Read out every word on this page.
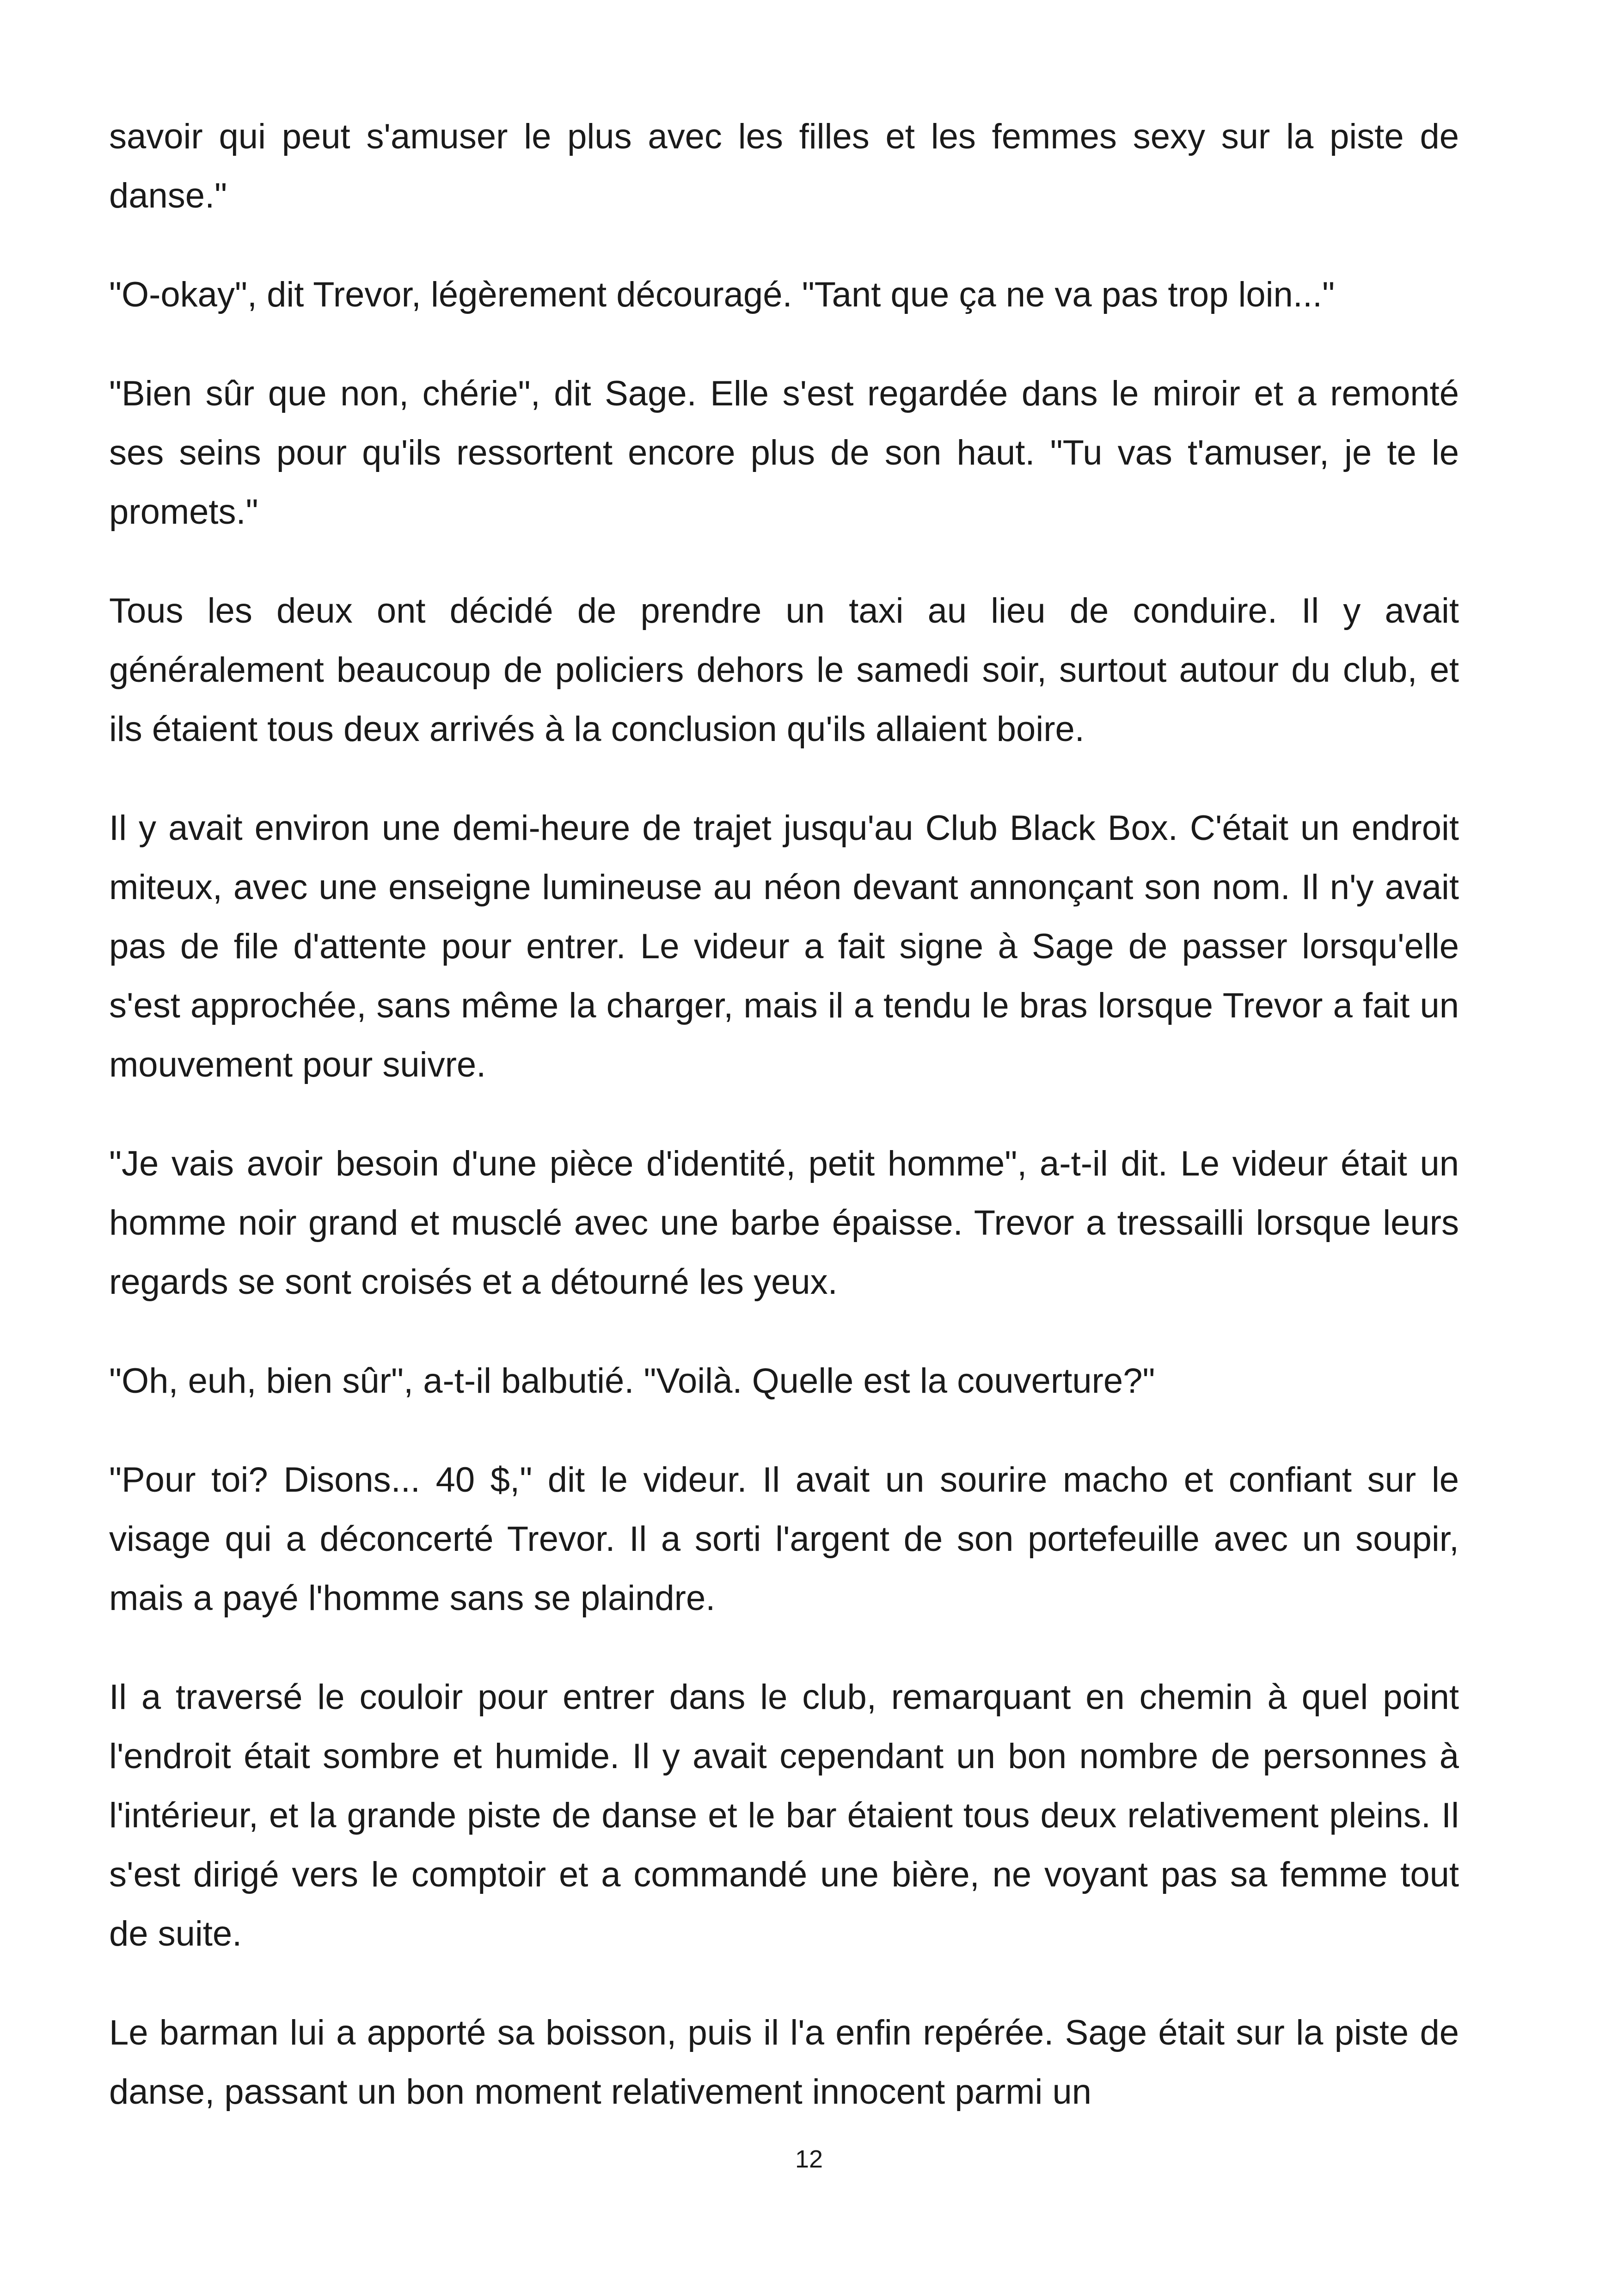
savoir qui peut s'amuser le plus avec les filles et les femmes sexy sur la piste de danse."

"O-okay", dit Trevor, légèrement découragé. "Tant que ça ne va pas trop loin..."

"Bien sûr que non, chérie", dit Sage. Elle s'est regardée dans le miroir et a remonté ses seins pour qu'ils ressortent encore plus de son haut. "Tu vas t'amuser, je te le promets."

Tous les deux ont décidé de prendre un taxi au lieu de conduire. Il y avait généralement beaucoup de policiers dehors le samedi soir, surtout autour du club, et ils étaient tous deux arrivés à la conclusion qu'ils allaient boire.

Il y avait environ une demi-heure de trajet jusqu'au Club Black Box. C'était un endroit miteux, avec une enseigne lumineuse au néon devant annonçant son nom. Il n'y avait pas de file d'attente pour entrer. Le videur a fait signe à Sage de passer lorsqu'elle s'est approchée, sans même la charger, mais il a tendu le bras lorsque Trevor a fait un mouvement pour suivre.

"Je vais avoir besoin d'une pièce d'identité, petit homme", a-t-il dit. Le videur était un homme noir grand et musclé avec une barbe épaisse. Trevor a tressailli lorsque leurs regards se sont croisés et a détourné les yeux.

"Oh, euh, bien sûr", a-t-il balbutié. "Voilà. Quelle est la couverture?"

"Pour toi? Disons... 40 $," dit le videur. Il avait un sourire macho et confiant sur le visage qui a déconcerté Trevor. Il a sorti l'argent de son portefeuille avec un soupir, mais a payé l'homme sans se plaindre.

Il a traversé le couloir pour entrer dans le club, remarquant en chemin à quel point l'endroit était sombre et humide. Il y avait cependant un bon nombre de personnes à l'intérieur, et la grande piste de danse et le bar étaient tous deux relativement pleins. Il s'est dirigé vers le comptoir et a commandé une bière, ne voyant pas sa femme tout de suite.

Le barman lui a apporté sa boisson, puis il l'a enfin repérée. Sage était sur la piste de danse, passant un bon moment relativement innocent parmi un

12
